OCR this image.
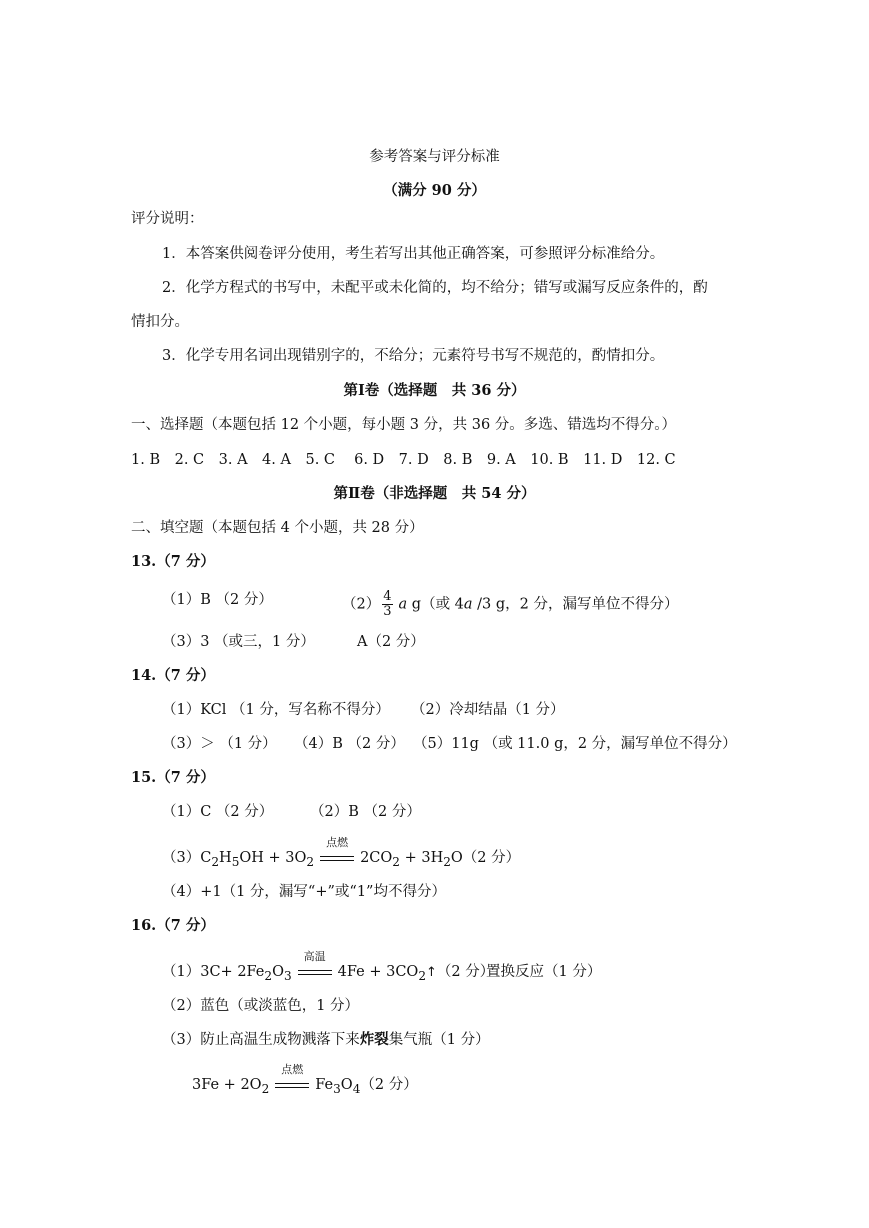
参考答案与评分标准
（满分 90 分）
评分说明：
1．本答案供阅卷评分使用，考生若写出其他正确答案，可参照评分标准给分。
2．化学方程式的书写中，未配平或未化简的，均不给分；错写或漏写反应条件的，酌
情扣分。
3．化学专用名词出现错别字的，不给分；元素符号书写不规范的，酌情扣分。
第Ⅰ卷（选择题　共 36 分）
一、选择题（本题包括 12 个小题，每小题 3 分，共 36 分。多选、错选均不得分。）
1. B　2. C　3. A　4. A　5. C　 6. D　7. D　8. B　9. A　10. B　11. D　12. C
第Ⅱ卷（非选择题　共 54 分）
二、填空题（本题包括 4 个小题，共 28 分）
13.（7 分）
（1）B （2 分）	$(2) \frac{4}{3}$ a g（或 4a /3 g，2 分，漏写单位不得分）
（3）3 （或三，1 分）	A（2 分）
14.（7 分）
（1）KCl （1 分，写名称不得分） （2）冷却结晶（1 分）
（3）＞ （1 分） （4）B （2 分） （5）11g （或 11.0 g，2 分，漏写单位不得分）
15.（7 分）
（1）C （2 分）	（2）B （2 分）
$(3)C_2H_5OH + 3O_2$
点燃
$2CO_2 + 3H_2O(2$ 分）
（4）+1（1 分，漏写“+”或“1”均不得分）
16.（7 分）
$(1)3C+ 2Fe_2O_3$
高温
$4Fe + 3CO_2↑(2$ 分）
置换反应（1 分）
（2）蓝色（或淡蓝色，1 分）
（3）防止高温生成物溅落下来炸裂集气瓶（1 分）
$3Fe + 2O_2$
点燃
$Fe_3O_4(2$ 分）
